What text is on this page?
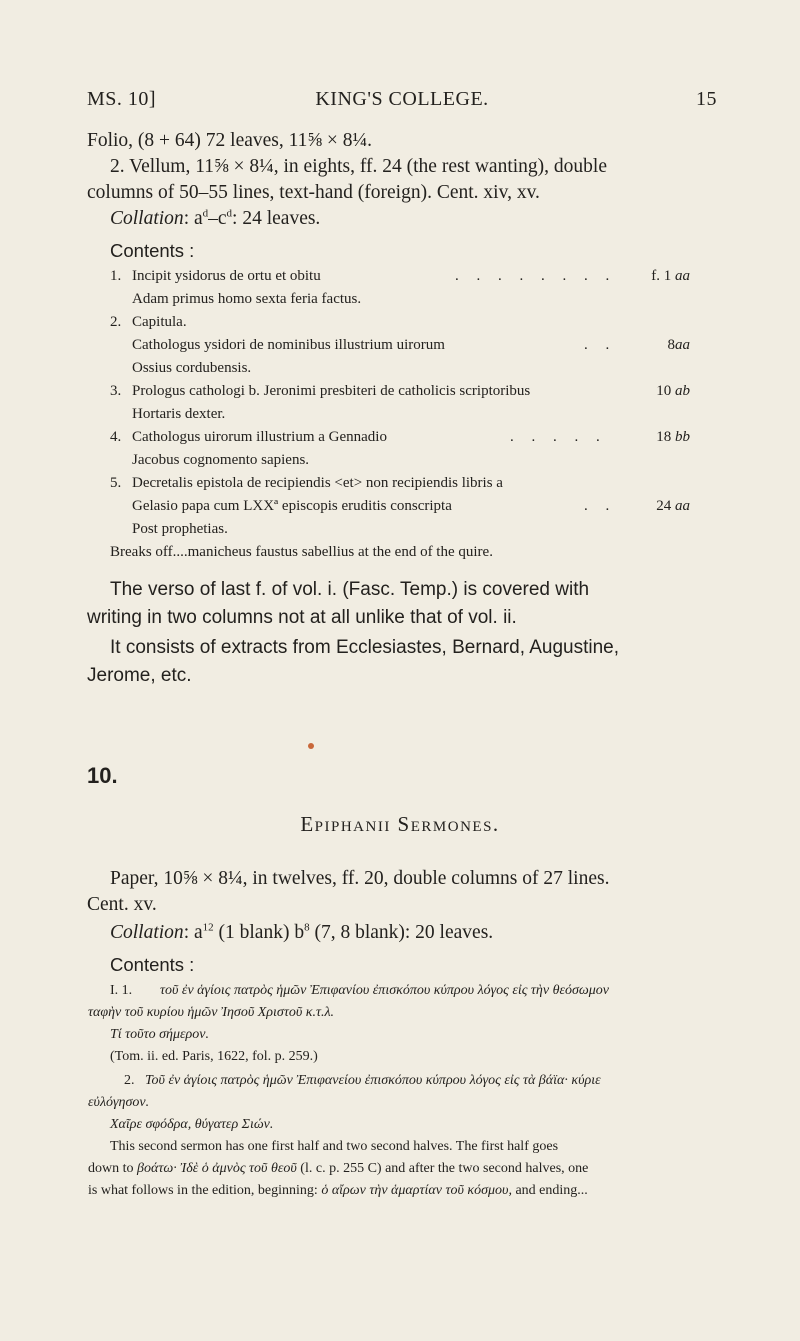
MS. 10]	KING'S COLLEGE.	15
Folio, (8 + 64) 72 leaves, 11⅝ × 8¼.
2. Vellum, 11⅝ × 8¼, in eights, ff. 24 (the rest wanting), double
columns of 50–55 lines, text-hand (foreign). Cent. xiv, xv.
Collation: $a^d-c^d$: 24 leaves.
Contents :
1. Incipit ysidorus de ortu et obitu	. . . . . . . . f. 1 aa
Adam primus homo sexta feria factus.
2. Capitula.
Cathologus ysidori de nominibus illustrium uirorum	. .	8aa
Ossius cordubensis.
3. Prologus cathologi b. Jeronimi presbiteri de catholicis scriptoribus	10 ab
Hortaris dexter.
4. Cathologus uirorum illustrium a Gennadio	. . . . .	18 bb
Jacobus cognomento sapiens.
5. Decretalis epistola de recipiendis <et> non recipiendis libris a
Gelasio papa cum LXXª episcopis eruditis conscripta	. .	24 aa
Post prophetias.
Breaks off....manicheus faustus sabellius at the end of the quire.
The verso of last f. of vol. i. (Fasc. Temp.) is covered with
writing in two columns not at all unlike that of vol. ii.
It consists of extracts from Ecclesiastes, Bernard, Augustine,
Jerome, etc.
10.
Epiphanii Sermones.
Paper, 10⅝ × 8¼, in twelves, ff. 20, double columns of 27 lines.
Cent. xv.
Collation: $a^{12}$ (1 blank) $b^8$ (7, 8 blank): 20 leaves.
Contents :
I. 1. τοῦ ἐν ἁγίοις πατρὸς ἡμῶν Ἐπιφανίου ἐπισκόπου κύπρου λόγος εἰς τὴν θεόσωμον
ταφὴν τοῦ κυρίου ἡμῶν Ἰησοῦ Χριστοῦ κ.τ.λ.
Τί τοῦτο σήμερον.
(Tom. ii. ed. Paris, 1622, fol. p. 259.)
2. Τοῦ ἐν ἁγίοις πατρὸς ἡμῶν Ἐπιφανείου ἐπισκόπου κύπρου λόγος εἰς τὰ βάϊα· κύριε
εὐλόγησον.
Χαῖρε σφόδρα, θύγατερ Σιών.
This second sermon has one first half and two second halves. The first half goes
down to βοάτω· Ἰδὲ ὁ ἀμνὸς τοῦ θεοῦ (l. c. p. 255 C) and after the two second halves, one
is what follows in the edition, beginning: ὁ αἴρων τὴν ἁμαρτίαν τοῦ κόσμου, and ending...
